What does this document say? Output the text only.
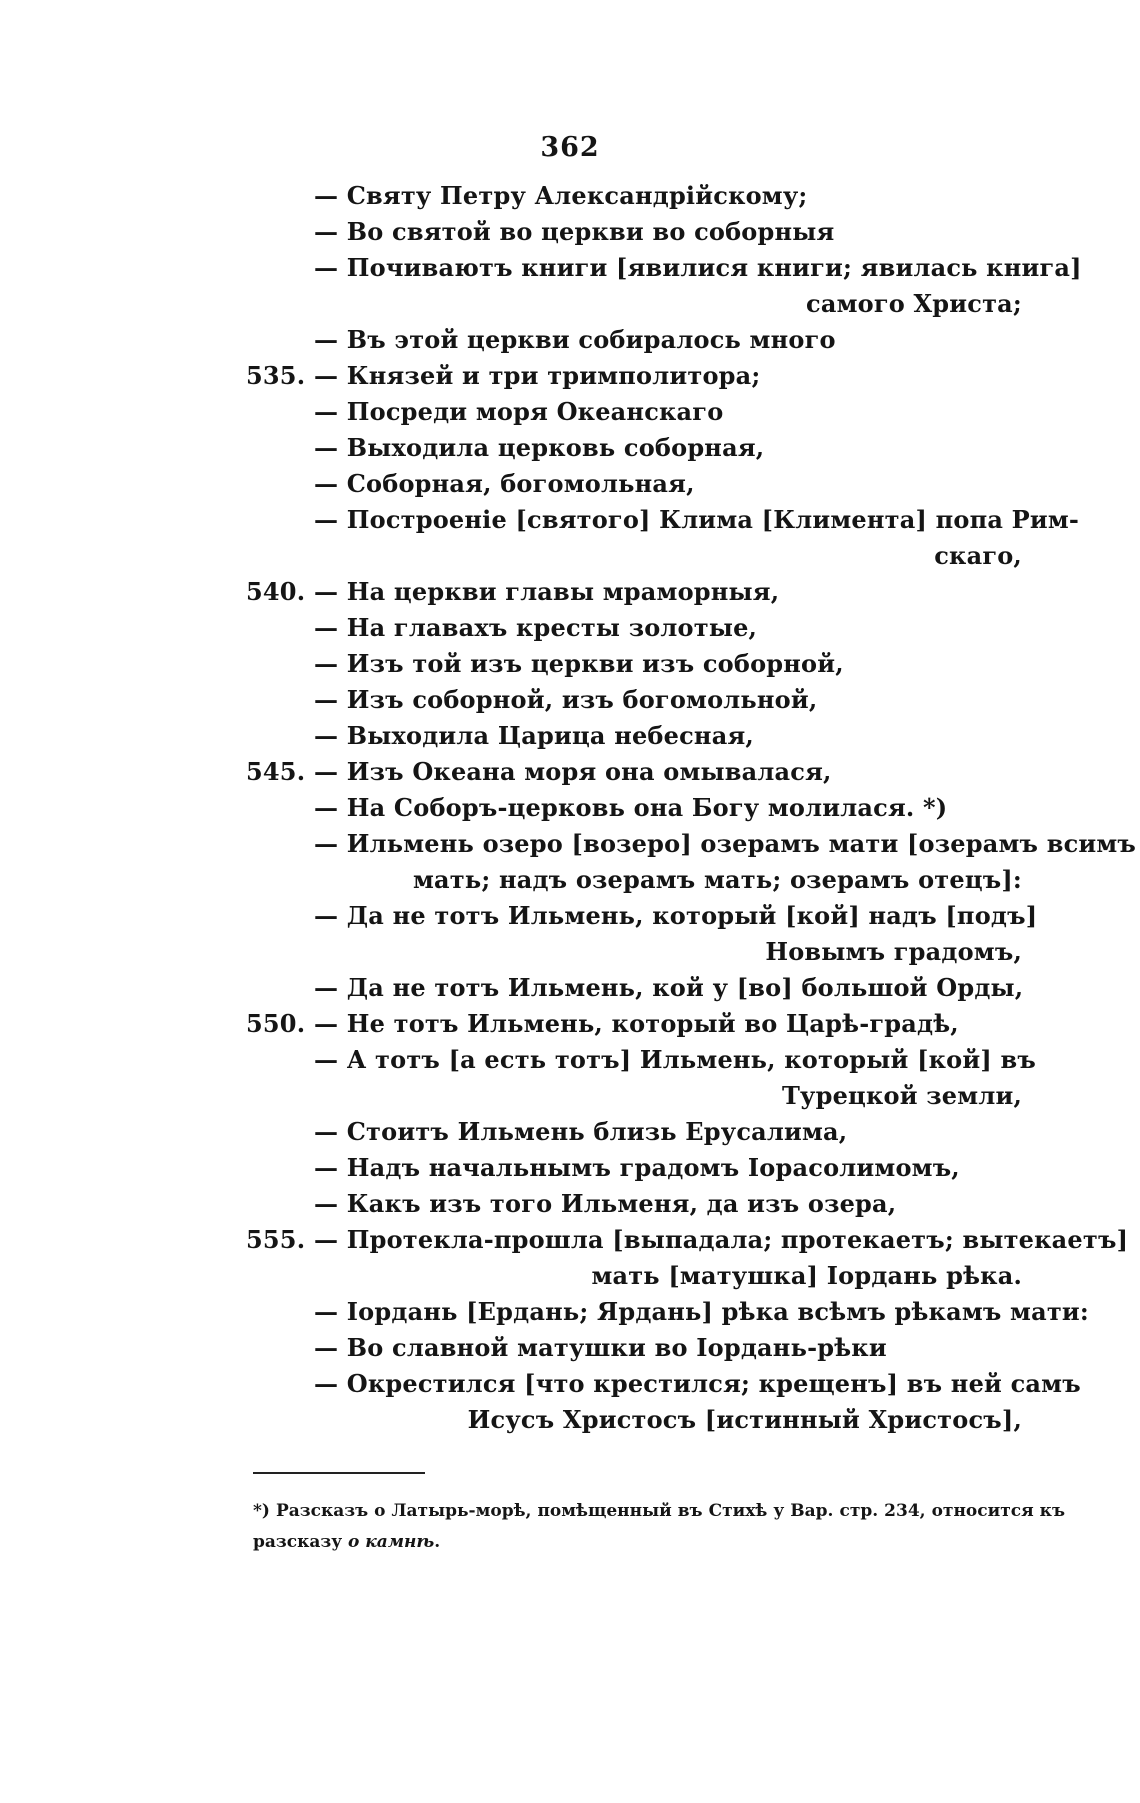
362
— Святу Петру Александрійскому;
— Во святой во церкви во соборныя
— Почиваютъ книги [явилися книги; явилась книга]
самого Христа;
— Въ этой церкви собиралось много
535. — Князей и три тримполитора;
— Посреди моря Океанскаго
— Выходила церковь соборная,
— Соборная, богомольная,
— Построеніе [святого] Клима [Климента] попа Рим-
скаго,
540. — На церкви главы мраморныя,
— На главахъ кресты золотые,
— Изъ той изъ церкви изъ соборной,
— Изъ соборной, изъ богомольной,
— Выходила Царица небесная,
545. — Изъ Океана моря она омывалася,
— На Соборъ-церковь она Богу молилася. *)
— Ильмень озеро [возеро] озерамъ мати [озерамъ всимъ
мать; надъ озерамъ мать; озерамъ отецъ]:
— Да не тотъ Ильмень, который [кой] надъ [подъ]
Новымъ градомъ,
— Да не тотъ Ильмень, кой у [во] большой Орды,
550. — Не тотъ Ильмень, который во Царѣ-градѣ,
— А тотъ [а есть тотъ] Ильмень, который [кой] въ
Турецкой земли,
— Стоитъ Ильмень близь Ерусалима,
— Надъ начальнымъ градомъ Іорасолимомъ,
— Какъ изъ того Ильменя, да изъ озера,
555. — Протекла-прошла [выпадала; протекаетъ; вытекаетъ]
мать [матушка] Іордань рѣка.
— Іордань [Ердань; Ярдань] рѣка всѣмъ рѣкамъ мати:
— Во славной матушки во Іордань-рѣки
— Окрестился [что крестился; крещенъ] въ ней самъ
Исусъ Христосъ [истинный Христосъ],
*) Разсказъ о Латырь-морѣ, помѣщенный въ Стихѣ у Вар. стр. 234, относится къ разсказу о камнѣ.
